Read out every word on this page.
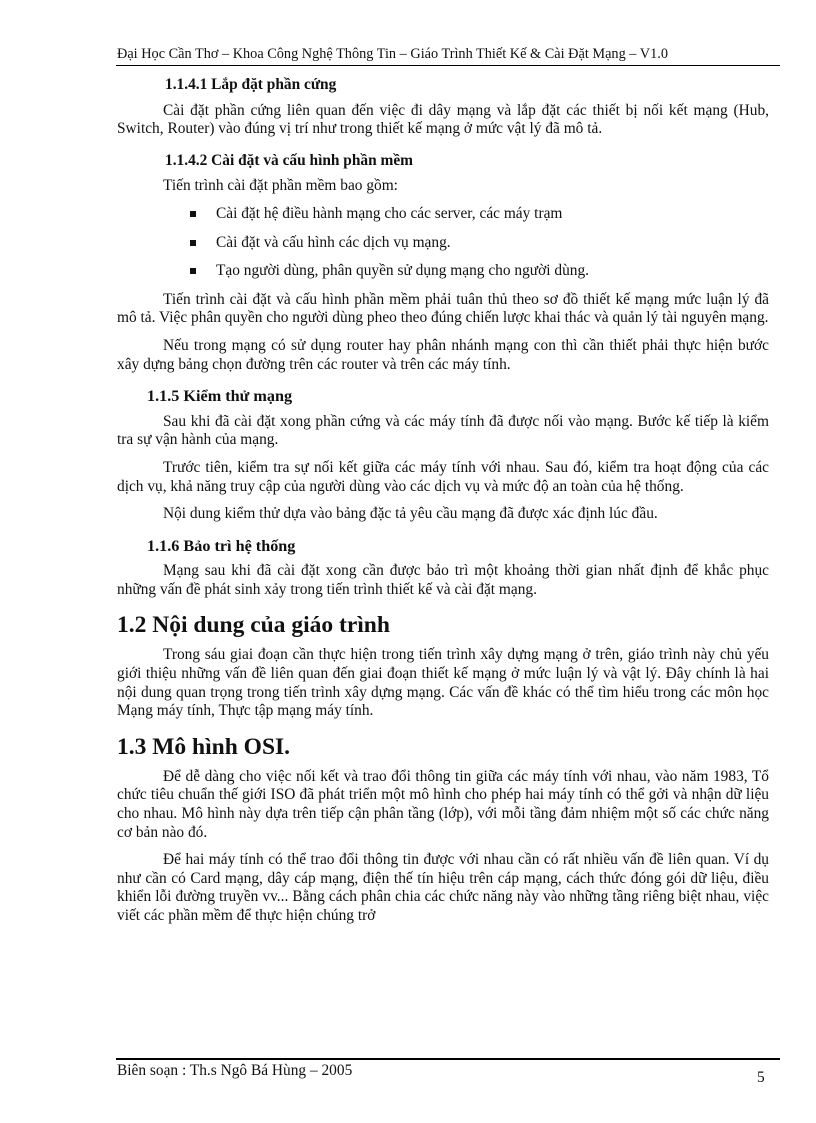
Đại Học Cần Thơ – Khoa Công Nghệ Thông Tin – Giáo Trình Thiết Kế & Cài Đặt Mạng – V1.0
1.1.4.1 Lắp đặt phần cứng

Cài đặt phần cứng liên quan đến việc đi dây mạng và lắp đặt các thiết bị nối kết mạng (Hub, Switch, Router) vào đúng vị trí như trong thiết kế mạng ở mức vật lý đã mô tả.

1.1.4.2 Cài đặt và cấu hình phần mềm

Tiến trình cài đặt phần mềm bao gồm:

Cài đặt hệ điều hành mạng cho các server, các máy trạm
Cài đặt và cấu hình các dịch vụ mạng.
Tạo người dùng, phân quyền sử dụng mạng cho người dùng.

Tiến trình cài đặt và cấu hình phần mềm phải tuân thủ theo sơ đồ thiết kế mạng mức luận lý đã mô tả. Việc phân quyền cho người dùng pheo theo đúng chiến lược khai thác và quản lý tài nguyên mạng.

Nếu trong mạng có sử dụng router hay phân nhánh mạng con thì cần thiết phải thực hiện bước xây dựng bảng chọn đường trên các router và trên các máy tính.

1.1.5 Kiểm thử mạng

Sau khi đã cài đặt xong phần cứng và các máy tính đã được nối vào mạng. Bước kế tiếp là kiểm tra sự vận hành của mạng.

Trước tiên, kiểm tra sự nối kết giữa các máy tính với nhau. Sau đó, kiểm tra hoạt động của các dịch vụ, khả năng truy cập của người dùng vào các dịch vụ và mức độ an toàn của hệ thống.

Nội dung kiểm thử dựa vào bảng đặc tả yêu cầu mạng đã được xác định lúc đầu.

1.1.6 Bảo trì hệ thống

Mạng sau khi đã cài đặt xong cần được bảo trì một khoảng thời gian nhất định để khắc phục những vấn đề phát sinh xảy trong tiến trình thiết kế và cài đặt mạng.

1.2 Nội dung của giáo trình

Trong sáu giai đoạn cần thực hiện trong tiến trình xây dựng mạng ở trên, giáo trình này chủ yếu giới thiệu những vấn đề liên quan đến giai đoạn thiết kế mạng ở mức luận lý và vật lý. Đây chính là hai nội dung quan trọng trong tiến trình xây dựng mạng. Các vấn đề khác có thể tìm hiểu trong các môn học Mạng máy tính, Thực tập mạng máy tính.

1.3 Mô hình OSI.

Để dễ dàng cho việc nối kết và trao đổi thông tin giữa các máy tính với nhau, vào năm 1983, Tổ chức tiêu chuẩn thế giới ISO đã phát triển một mô hình cho phép hai máy tính có thể gởi và nhận dữ liệu cho nhau. Mô hình này dựa trên tiếp cận phân tầng (lớp), với mỗi tầng đảm nhiệm một số các chức năng cơ bản nào đó.

Để hai máy tính có thể trao đổi thông tin được với nhau cần có rất nhiều vấn đề liên quan. Ví dụ như cần có Card mạng, dây cáp mạng, điện thế tín hiệu trên cáp mạng, cách thức đóng gói dữ liệu, điều khiển lỗi đường truyền vv... Bằng cách phân chia các chức năng này vào những tầng riêng biệt nhau, việc viết các phần mềm để thực hiện chúng trở

Biên soạn : Th.s Ngô Bá Hùng – 2005	5
